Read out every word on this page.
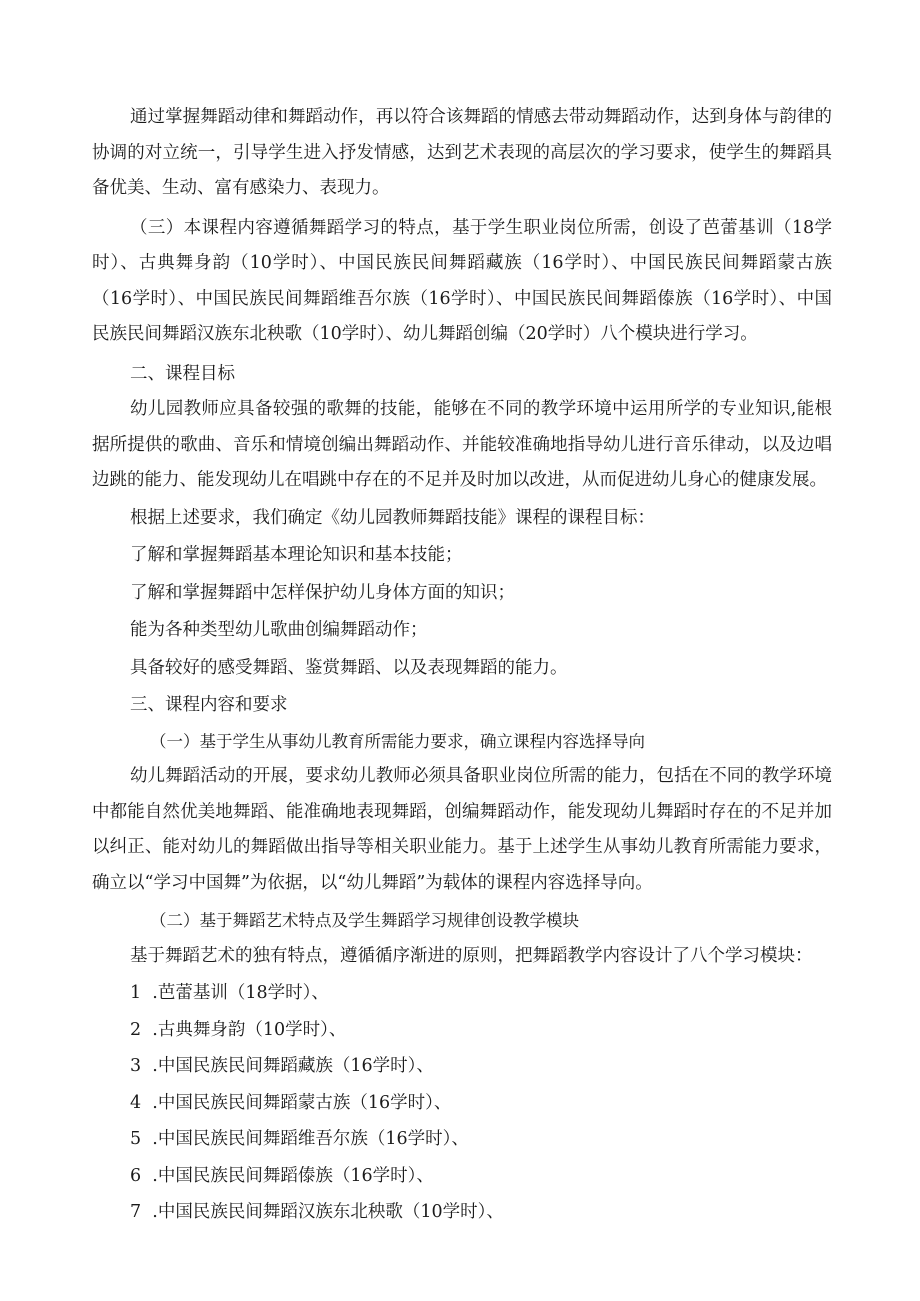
通过掌握舞蹈动律和舞蹈动作，再以符合该舞蹈的情感去带动舞蹈动作，达到身体与韵律的协调的对立统一，引导学生进入抒发情感，达到艺术表现的高层次的学习要求，使学生的舞蹈具备优美、生动、富有感染力、表现力。

（三）本课程内容遵循舞蹈学习的特点，基于学生职业岗位所需，创设了芭蕾基训（18学时）、古典舞身韵（10学时）、中国民族民间舞蹈藏族（16学时）、中国民族民间舞蹈蒙古族（16学时）、中国民族民间舞蹈维吾尔族（16学时）、中国民族民间舞蹈傣族（16学时）、中国民族民间舞蹈汉族东北秧歌（10学时）、幼儿舞蹈创编（20学时）八个模块进行学习。

二、课程目标

幼儿园教师应具备较强的歌舞的技能，能够在不同的教学环境中运用所学的专业知识,能根据所提供的歌曲、音乐和情境创编出舞蹈动作、并能较准确地指导幼儿进行音乐律动，以及边唱边跳的能力、能发现幼儿在唱跳中存在的不足并及时加以改进，从而促进幼儿身心的健康发展。

根据上述要求，我们确定《幼儿园教师舞蹈技能》课程的课程目标：

了解和掌握舞蹈基本理论知识和基本技能；

了解和掌握舞蹈中怎样保护幼儿身体方面的知识；

能为各种类型幼儿歌曲创编舞蹈动作；

具备较好的感受舞蹈、鉴赏舞蹈、以及表现舞蹈的能力。

三、课程内容和要求

（一）基于学生从事幼儿教育所需能力要求，确立课程内容选择导向

幼儿舞蹈活动的开展，要求幼儿教师必须具备职业岗位所需的能力，包括在不同的教学环境中都能自然优美地舞蹈、能准确地表现舞蹈，创编舞蹈动作，能发现幼儿舞蹈时存在的不足并加以纠正、能对幼儿的舞蹈做出指导等相关职业能力。基于上述学生从事幼儿教育所需能力要求，确立以“学习中国舞”为依据，以“幼儿舞蹈”为载体的课程内容选择导向。

（二）基于舞蹈艺术特点及学生舞蹈学习规律创设教学模块

基于舞蹈艺术的独有特点，遵循循序渐进的原则，把舞蹈教学内容设计了八个学习模块：

1  .芭蕾基训（18学时）、

2  .古典舞身韵（10学时）、

3  .中国民族民间舞蹈藏族（16学时）、

4  .中国民族民间舞蹈蒙古族（16学时）、

5  .中国民族民间舞蹈维吾尔族（16学时）、

6  .中国民族民间舞蹈傣族（16学时）、

7  .中国民族民间舞蹈汉族东北秧歌（10学时）、
